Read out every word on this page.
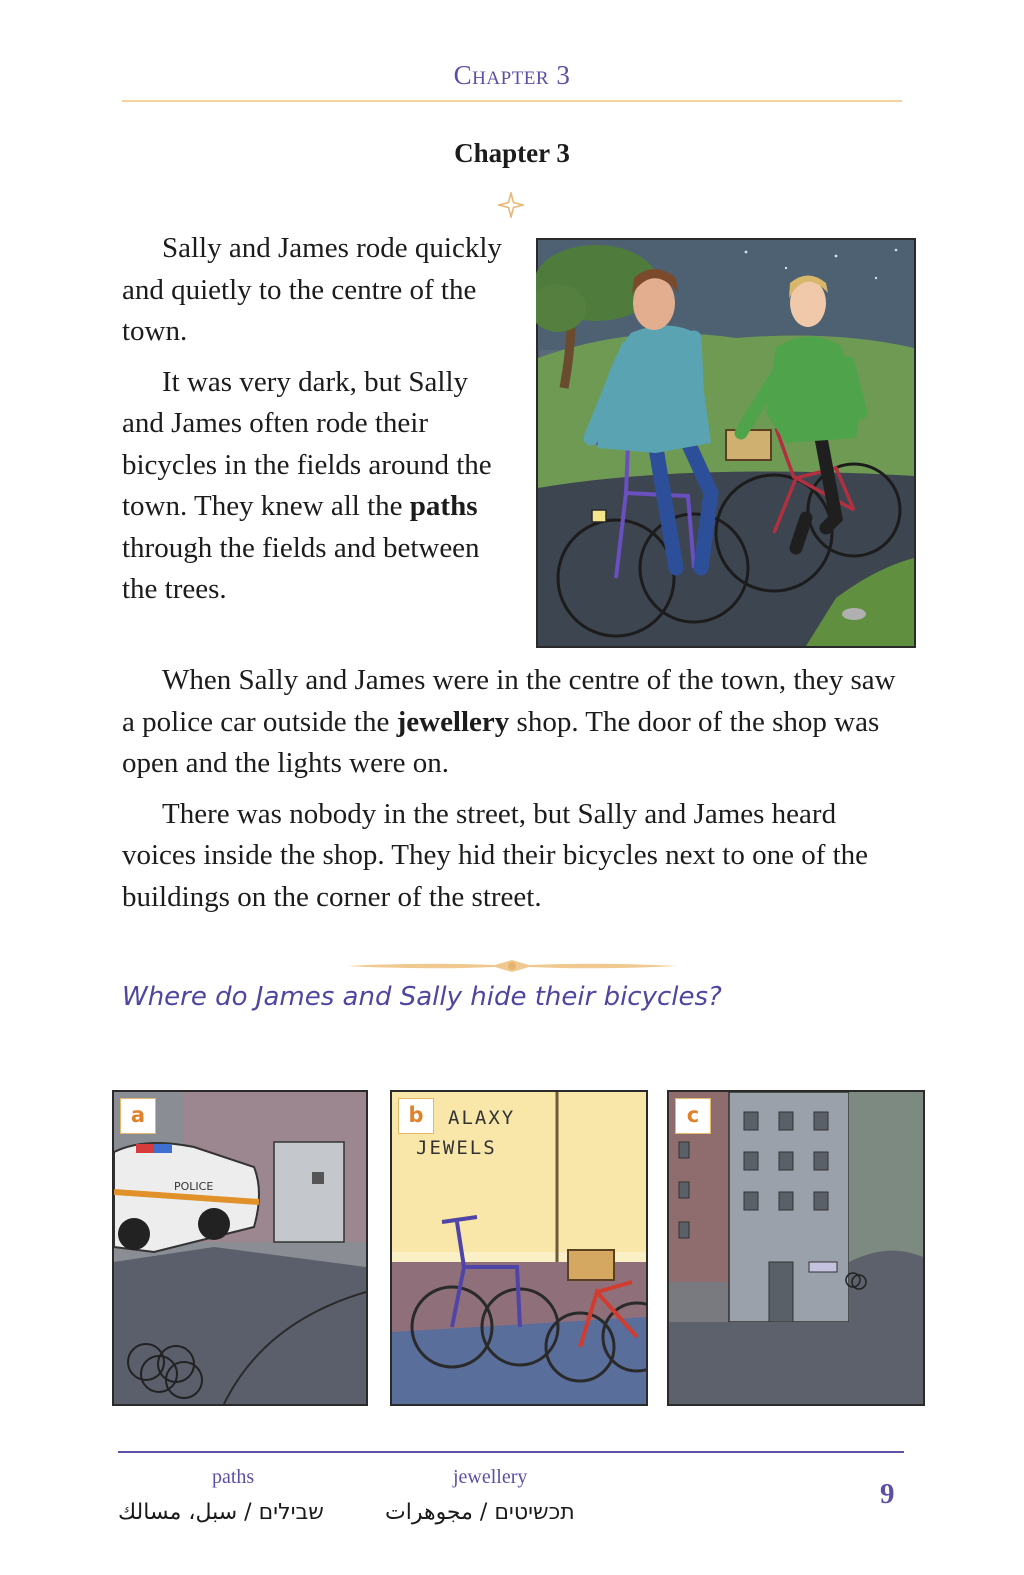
Chapter 3
Chapter 3

Sally and James rode quickly and quietly to the centre of the town.

It was very dark, but Sally and James often rode their bicycles in the fields around the town. They knew all the paths through the fields and between the trees.

When Sally and James were in the centre of the town, they saw a police car outside the jewellery shop. The door of the shop was open and the lights were on.

There was nobody in the street, but Sally and James heard voices inside the shop. They hid their bicycles next to one of the buildings on the corner of the street.

Where do James and Sally hide their bicycles?
POLICE
a	ALAXY
JEWELS
b	c
paths
שבילים / سبل، مسالك
jewellery
תכשיטים / مجوهرات
9
